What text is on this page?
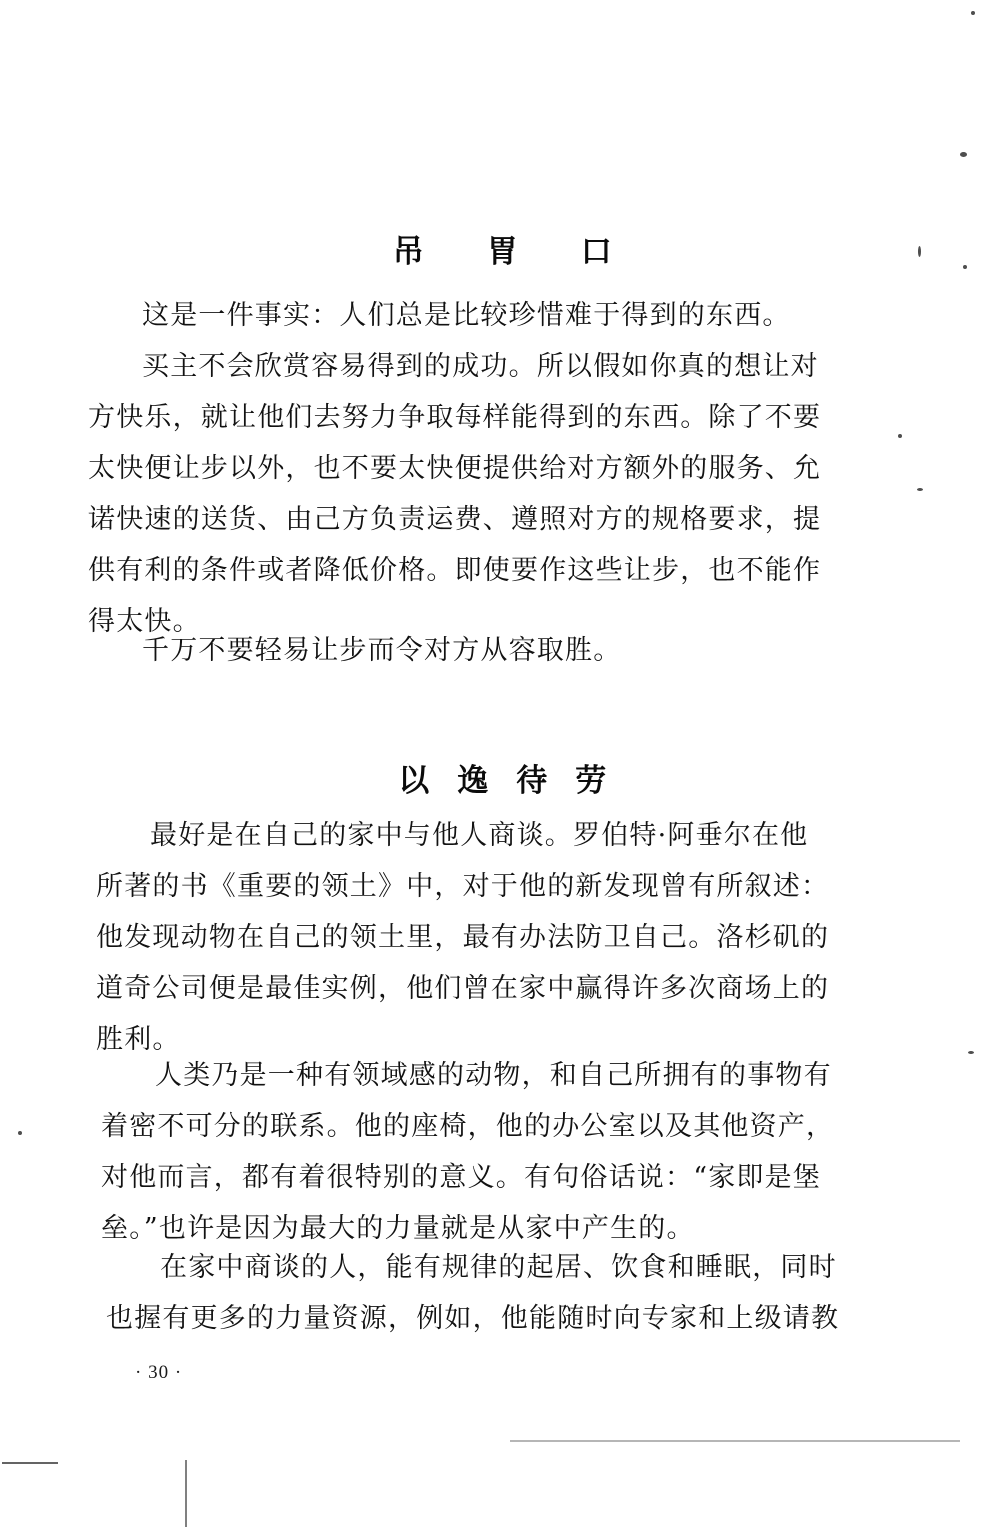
吊 胃 口
这是一件事实：人们总是比较珍惜难于得到的东西。
买主不会欣赏容易得到的成功。所以假如你真的想让对
方快乐，就让他们去努力争取每样能得到的东西。除了不要
太快便让步以外，也不要太快便提供给对方额外的服务、允
诺快速的送货、由己方负责运费、遵照对方的规格要求，提
供有利的条件或者降低价格。即使要作这些让步，也不能作
得太快。
千万不要轻易让步而令对方从容取胜。
以 逸 待 劳
最好是在自己的家中与他人商谈。罗伯特·阿垂尔在他
所著的书《重要的领土》中，对于他的新发现曾有所叙述：
他发现动物在自己的领土里，最有办法防卫自己。洛杉矶的
道奇公司便是最佳实例，他们曾在家中赢得许多次商场上的
胜利。
人类乃是一种有领域感的动物，和自己所拥有的事物有
着密不可分的联系。他的座椅，他的办公室以及其他资产，
对他而言，都有着很特别的意义。有句俗话说：“家即是堡
垒。”也许是因为最大的力量就是从家中产生的。
在家中商谈的人，能有规律的起居、饮食和睡眠，同时
也握有更多的力量资源，例如，他能随时向专家和上级请教
· 30 ·
